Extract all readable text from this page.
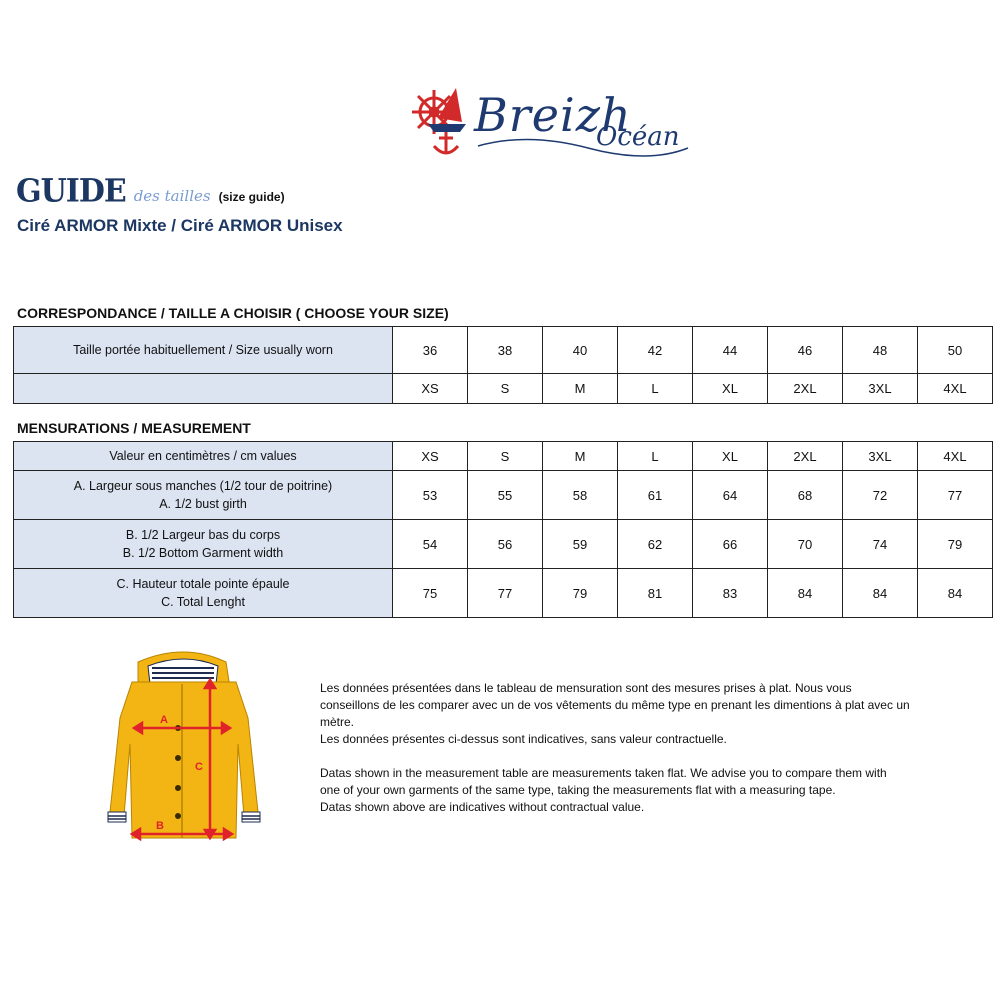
Breizh
Océan
GUIDE des tailles (size guide)
Ciré ARMOR Mixte / Ciré ARMOR Unisex
CORRESPONDANCE / TAILLE A CHOISIR ( CHOOSE YOUR SIZE)
Taille portée habituellement / Size usually worn	36	38	40	42	44	46	48	50
	XS	S	M	L	XL	2XL	3XL	4XL
MENSURATIONS / MEASUREMENT
Valeur en centimètres / cm values	XS	S	M	L	XL	2XL	3XL	4XL

A. Largeur sous manches (1/2 tour de poitrine)
A. 1/2 bust girth	53	55	58	61	64	68	72	77

B. 1/2 Largeur bas du corps
B. 1/2 Bottom Garment width	54	56	59	62	66	70	74	79

C. Hauteur totale pointe épaule
C. Total Lenght	75	77	79	81	83	84	84	84
A
B
C

Les données présentées dans le tableau de mensuration sont des mesures prises à plat. Nous vous conseillons de les comparer avec un de vos vêtements du même type en prenant les dimentions à plat avec un mètre.

Les données présentes ci-dessus sont indicatives, sans valeur contractuelle.

Datas shown in the measurement table are measurements taken flat. We advise you to compare them with one of your own garments of the same type, taking the measurements flat with a measuring tape.

Datas shown above are indicatives without contractual value.
